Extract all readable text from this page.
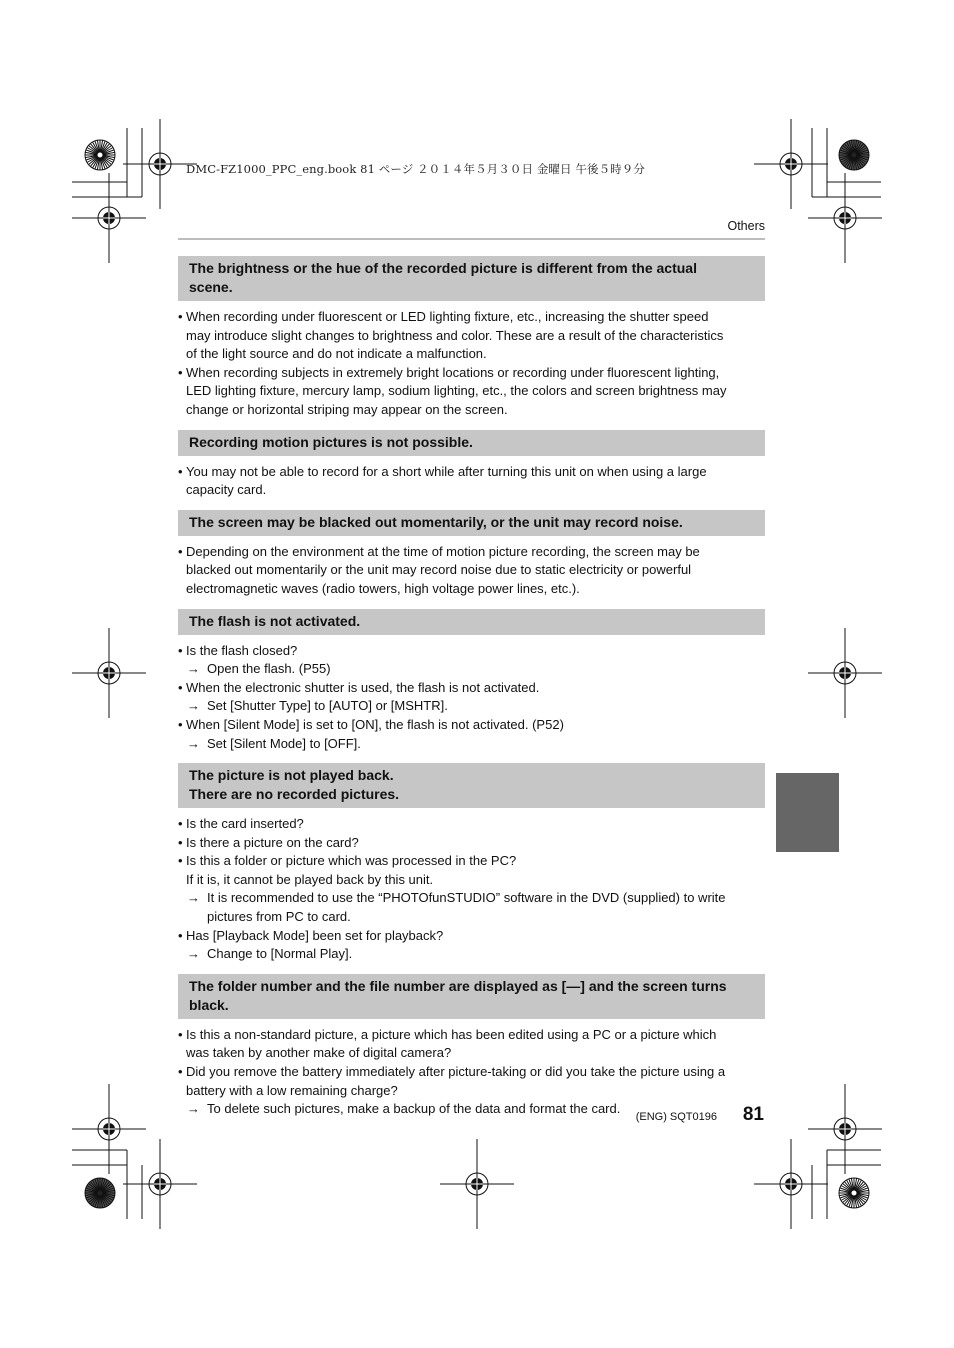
DMC-FZ1000_PPC_eng.book 81 ページ ２０１４年５月３０日 金曜日 午後５時９分
Others
The brightness or the hue of the recorded picture is different from the actual
scene.
• When recording under fluorescent or LED lighting fixture, etc., increasing the shutter speed
may introduce slight changes to brightness and color. These are a result of the characteristics
of the light source and do not indicate a malfunction.
• When recording subjects in extremely bright locations or recording under fluorescent lighting,
LED lighting fixture, mercury lamp, sodium lighting, etc., the colors and screen brightness may
change or horizontal striping may appear on the screen.
Recording motion pictures is not possible.
• You may not be able to record for a short while after turning this unit on when using a large
capacity card.
The screen may be blacked out momentarily, or the unit may record noise.
• Depending on the environment at the time of motion picture recording, the screen may be
blacked out momentarily or the unit may record noise due to static electricity or powerful
electromagnetic waves (radio towers, high voltage power lines, etc.).
The flash is not activated.
• Is the flash closed?
→ Open the flash. (P55)
• When the electronic shutter is used, the flash is not activated.
→ Set [Shutter Type] to [AUTO] or [MSHTR].
• When [Silent Mode] is set to [ON], the flash is not activated. (P52)
→ Set [Silent Mode] to [OFF].
The picture is not played back.
There are no recorded pictures.
• Is the card inserted?
• Is there a picture on the card?
• Is this a folder or picture which was processed in the PC?
If it is, it cannot be played back by this unit.
→ It is recommended to use the “PHOTOfunSTUDIO” software in the DVD (supplied) to write
pictures from PC to card.
• Has [Playback Mode] been set for playback?
→ Change to [Normal Play].
The folder number and the file number are displayed as [—] and the screen turns
black.
• Is this a non-standard picture, a picture which has been edited using a PC or a picture which
was taken by another make of digital camera?
• Did you remove the battery immediately after picture-taking or did you take the picture using a
battery with a low remaining charge?
→ To delete such pictures, make a backup of the data and format the card.
(ENG) SQT0196 81
